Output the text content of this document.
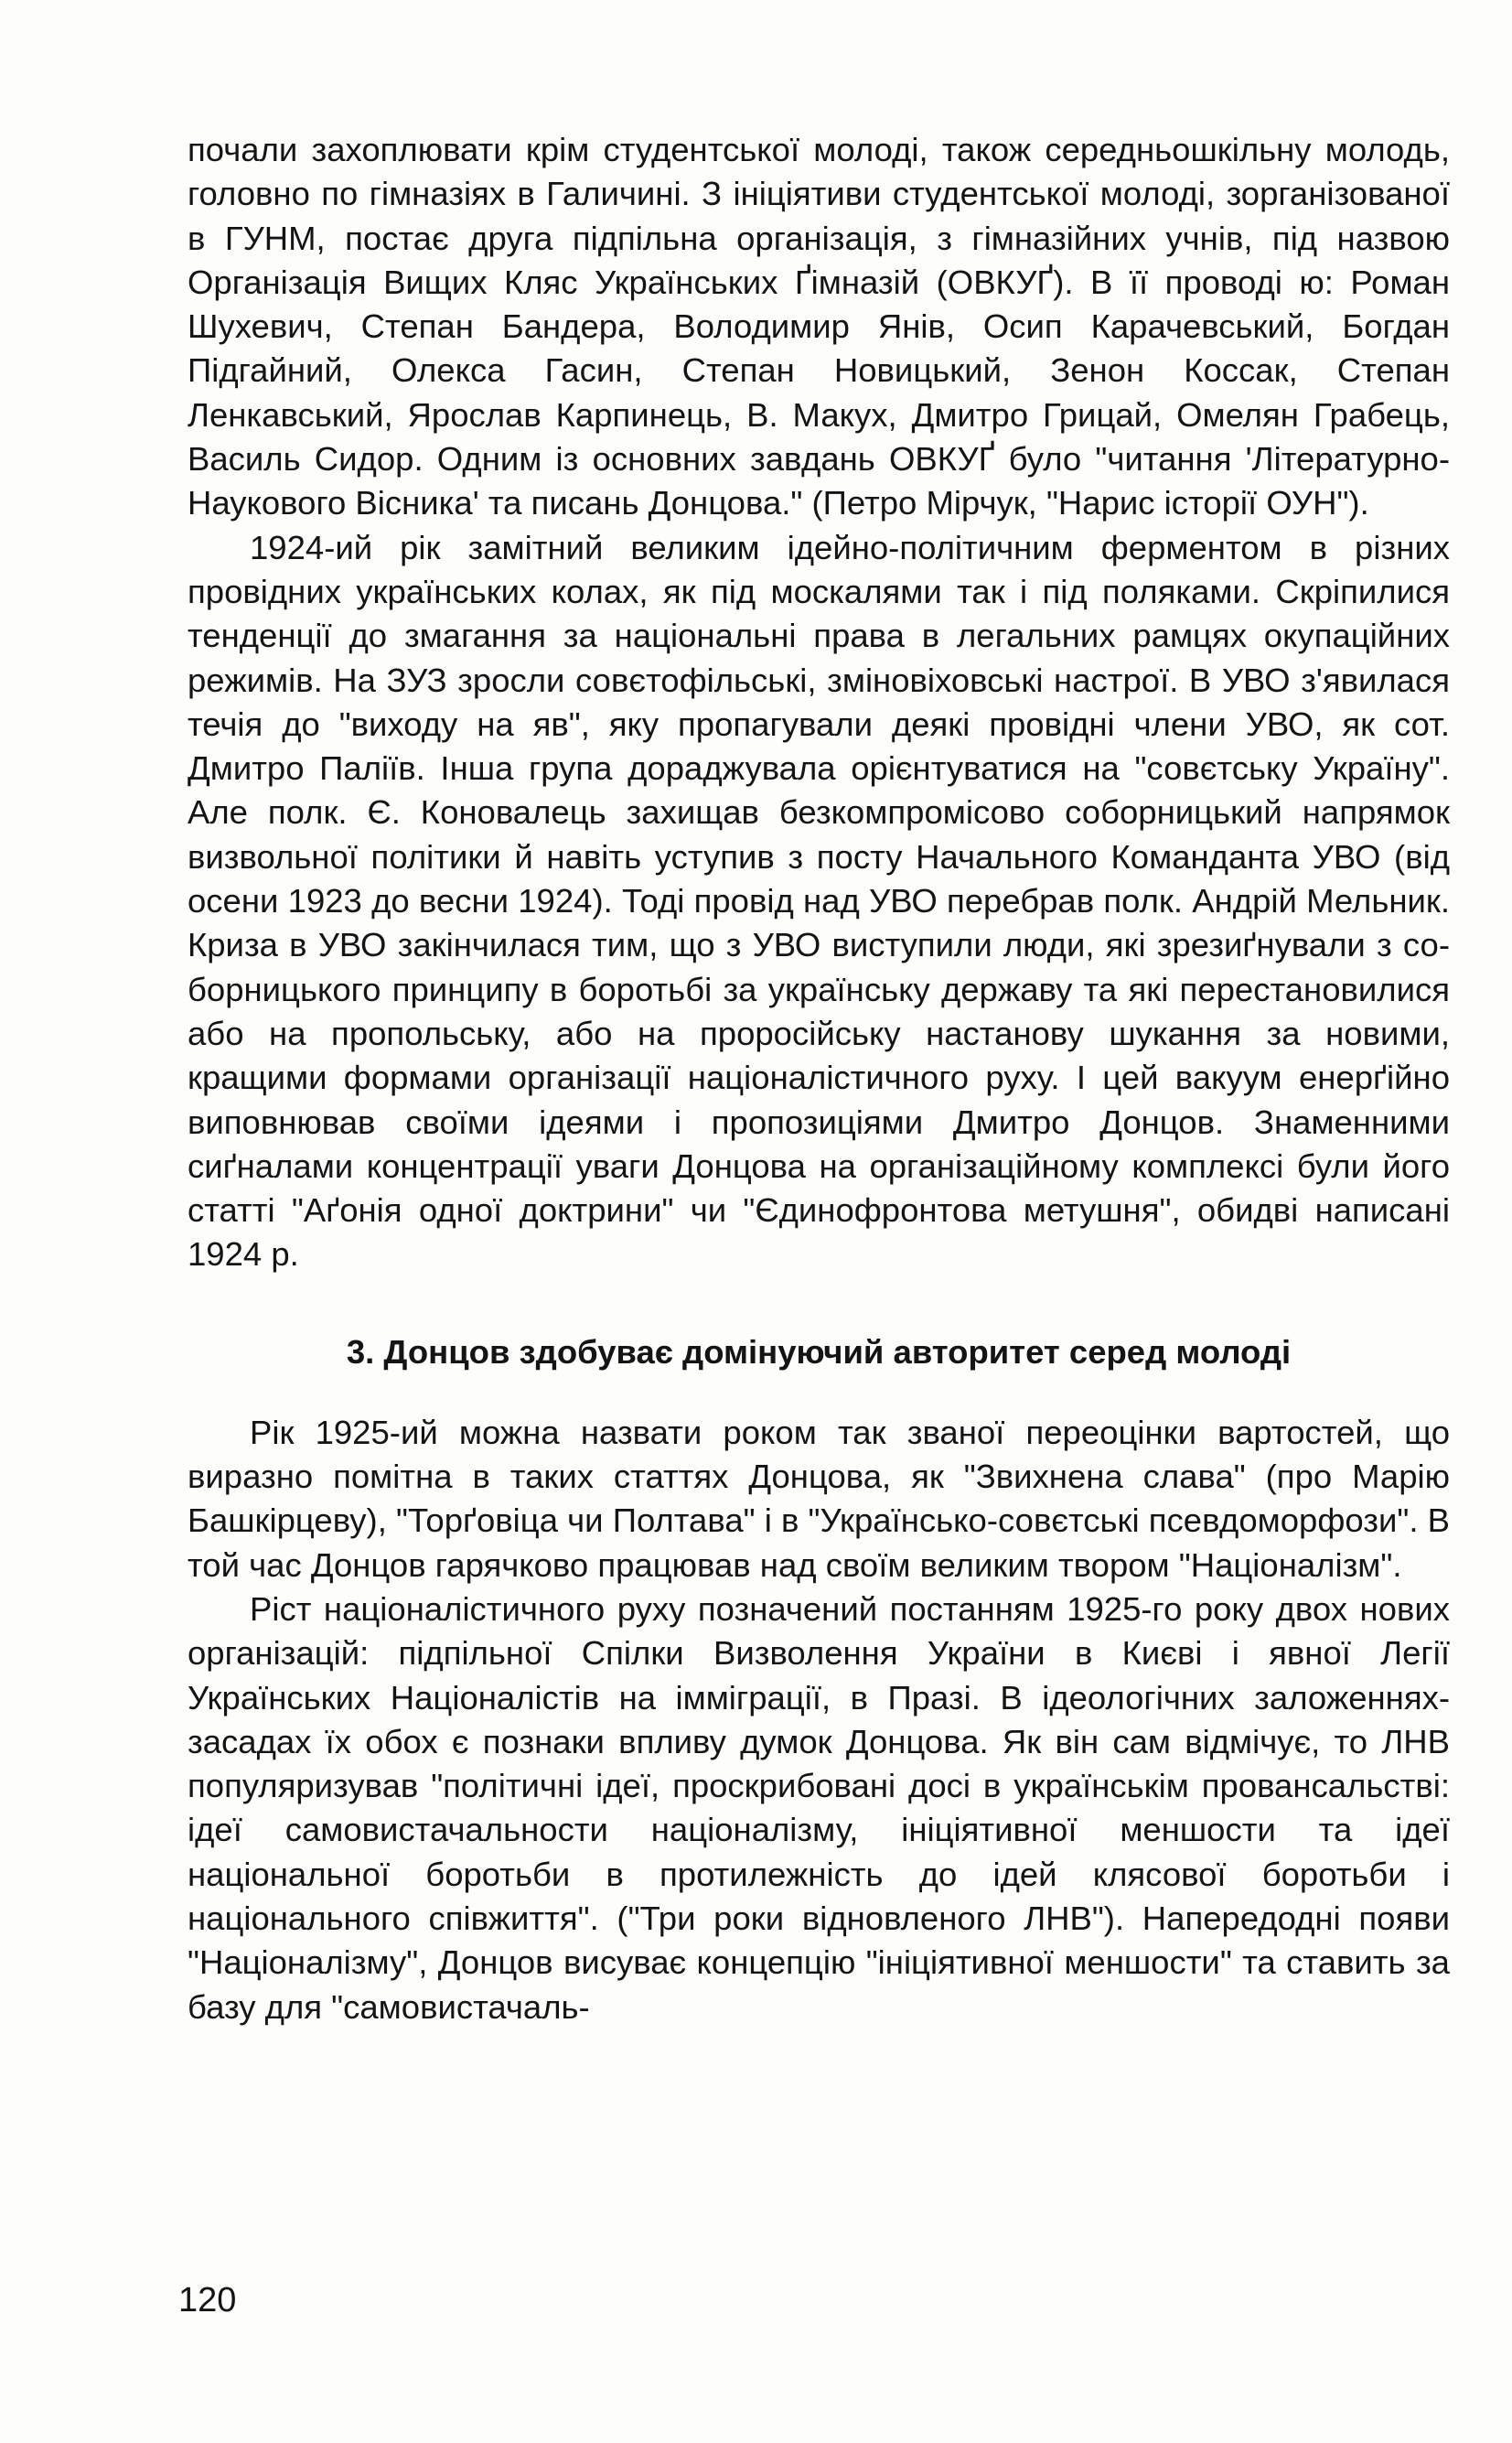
почали захоплювати крім студентської молоді, також середньошкільну молодь, головно по гімназіях в Галичині. З ініціятиви студентської молоді, зорганізованої в ГУНМ, постає друга підпільна організація, з гімназійних учнів, під назвою Організація Вищих Кляс Українських Ґімназій (ОВКУҐ). В її проводі ю: Роман Шухевич, Степан Бандера, Володимир Янів, Осип Карачевський, Богдан Підгайний, Олекса Гасин, Степан Новицький, Зенон Коссак, Степан Ленкавський, Ярослав Карпинець, В. Макух, Дмитро Грицай, Омелян Грабець, Василь Сидор. Одним із основних завдань ОВКУҐ було "читання 'Літературно-Наукового Вісника' та писань Донцова." (Петро Мірчук, "Нарис історії ОУН").

1924-ий рік замітний великим ідейно-політичним ферментом в різних провідних українських колах, як під москалями так і під поляками. Скріпилися тенденції до змагання за національні права в легальних рамцях окупаційних режимів. На ЗУЗ зросли совєтофільські, зміновіховські настрої. В УВО з'явилася течія до "виходу на яв", яку пропагували деякі провідні члени УВО, як сот. Дмитро Паліїв. Інша група дораджувала орієнтуватися на "совєтську Україну". Але полк. Є. Коновалець захищав безкомпромісово соборницький напрямок визвольної політики й навіть уступив з посту Начального Команданта УВО (від осени 1923 до весни 1924). Тоді провід над УВО перебрав полк. Андрій Мельник. Криза в УВО закінчилася тим, що з УВО виступили люди, які зрезиґнували з соборницького принципу в боротьбі за українську державу та які перестановилися або на пропольську, або на проросійську настанову шукання за новими, кращими формами організації націоналістичного руху. І цей вакуум енерґійно виповнював своїми ідеями і пропозиціями Дмитро Донцов. Знаменними сиґналами концентрації уваги Донцова на організаційному комплексі були його статті "Аґонія одної доктрини" чи "Єдинофронтова метушня", обидві написані 1924 р.

3. Донцов здобуває домінуючий авторитет серед молоді

Рік 1925-ий можна назвати роком так званої переоцінки вартостей, що виразно помітна в таких статтях Донцова, як "Звихнена слава" (про Марію Башкірцеву), "Торґовіца чи Полтава" і в "Українсько-совєтські псевдоморфози". В той час Донцов гарячково працював над своїм великим твором "Націоналізм".

Ріст націоналістичного руху позначений постанням 1925-го року двох нових організацій: підпільної Спілки Визволення України в Києві і явної Легії Українських Націоналістів на імміграції, в Празі. В ідеологічних заложеннях-засадах їх обох є познаки впливу думок Донцова. Як він сам відмічує, то ЛНВ популяризував "політичні ідеї, проскрибовані досі в українськім провансальстві: ідеї самовистачальности націоналізму, ініціятивної меншости та ідеї національної боротьби в протилежність до ідей клясової боротьби і національного співжиття". ("Три роки відновленого ЛНВ"). Напередодні появи "Націоналізму", Донцов висуває концепцію "ініціятивної меншости" та ставить за базу для "самовистачаль-

120
